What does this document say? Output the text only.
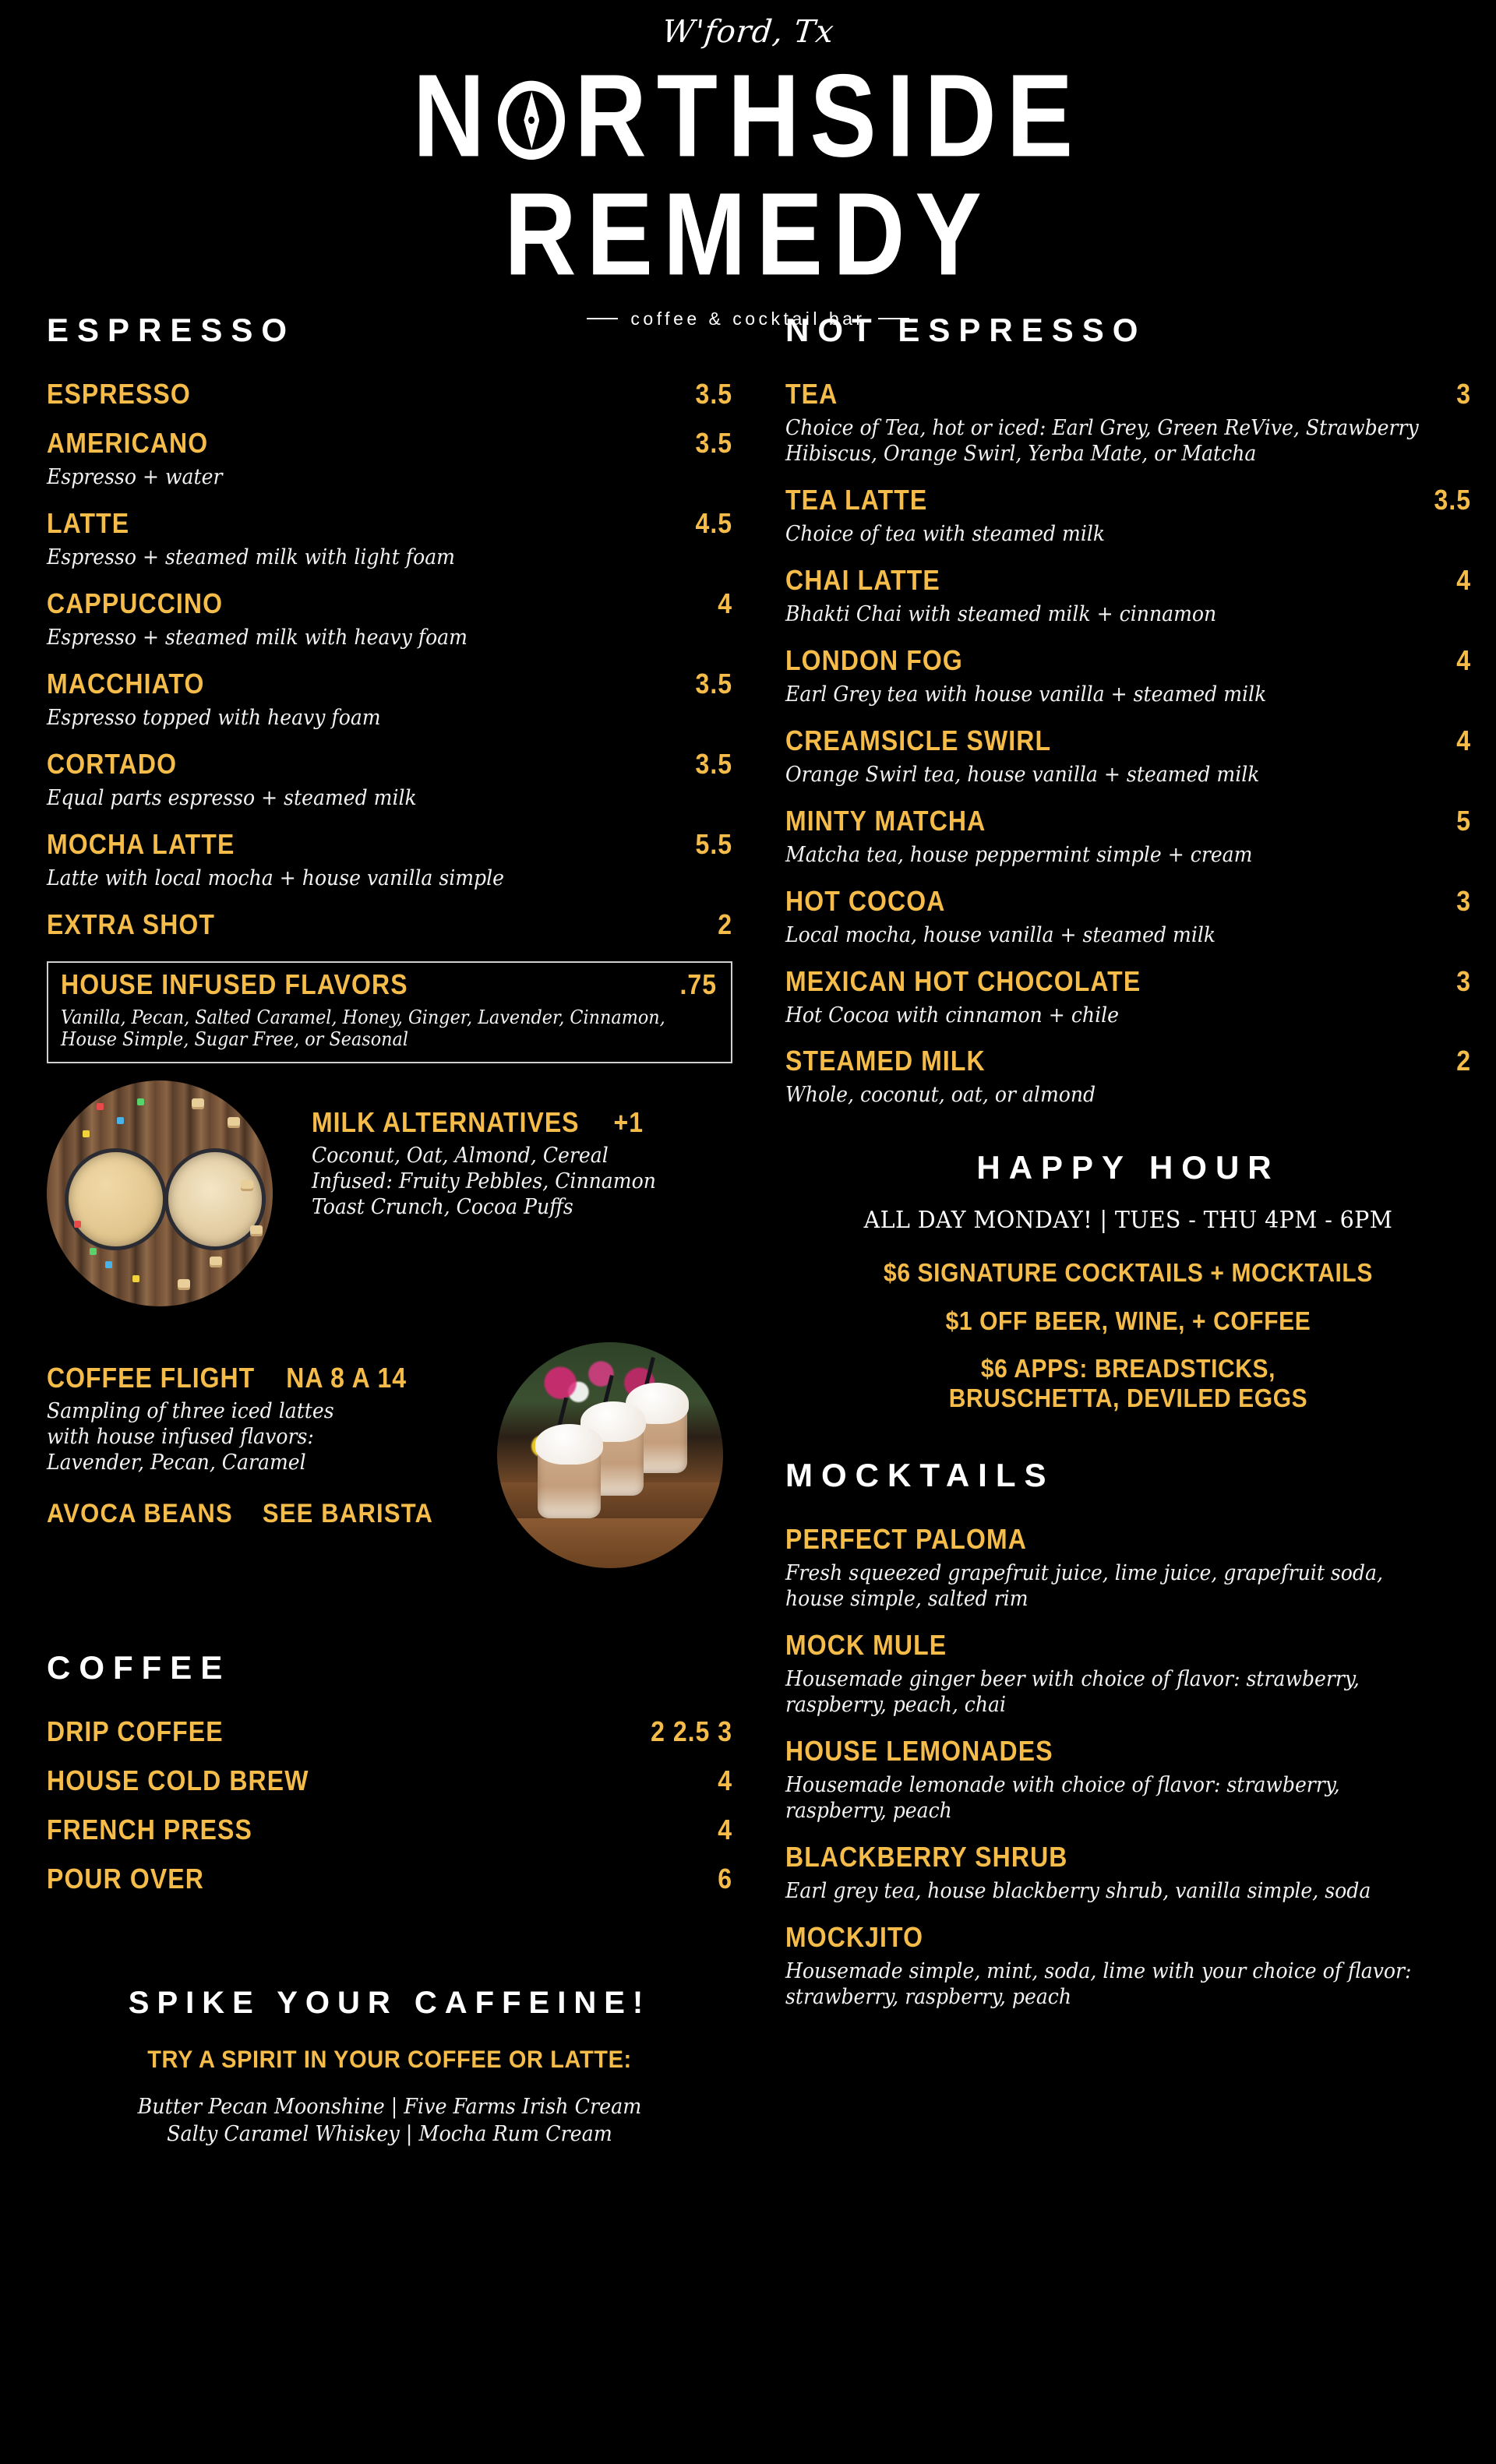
W'ford, Tx
N RTHSIDE
REMEDY
coffee & cocktail bar
ESPRESSO
ESPRESSO	3.5
AMERICANO	3.5
Espresso + water
LATTE	4.5
Espresso + steamed milk with light foam
CAPPUCCINO	4
Espresso + steamed milk with heavy foam
MACCHIATO	3.5
Espresso topped with heavy foam
CORTADO	3.5
Equal parts espresso + steamed milk
MOCHA LATTE	5.5
Latte with local mocha + house vanilla simple
EXTRA SHOT	2
HOUSE INFUSED FLAVORS	.75
Vanilla, Pecan, Salted Caramel, Honey, Ginger, Lavender, Cinnamon, House Simple, Sugar Free, or Seasonal
MILK ALTERNATIVES +1
Coconut, Oat, Almond, Cereal
Infused: Fruity Pebbles, Cinnamon
Toast Crunch, Cocoa Puffs
COFFEE FLIGHT NA 8 A 14
Sampling of three iced lattes
with house infused flavors:
Lavender, Pecan, Caramel
AVOCA BEANS SEE BARISTA
COFFEE
DRIP COFFEE	2 2.5 3
HOUSE COLD BREW	4
FRENCH PRESS	4
POUR OVER	6
SPIKE YOUR CAFFEINE!
TRY A SPIRIT IN YOUR COFFEE OR LATTE:
Butter Pecan Moonshine | Five Farms Irish Cream
Salty Caramel Whiskey | Mocha Rum Cream
NOT ESPRESSO
TEA	3
Choice of Tea, hot or iced: Earl Grey, Green ReVive, Strawberry Hibiscus, Orange Swirl, Yerba Mate, or Matcha
TEA LATTE	3.5
Choice of tea with steamed milk
CHAI LATTE	4
Bhakti Chai with steamed milk + cinnamon
LONDON FOG	4
Earl Grey tea with house vanilla + steamed milk
CREAMSICLE SWIRL	4
Orange Swirl tea, house vanilla + steamed milk
MINTY MATCHA	5
Matcha tea, house peppermint simple + cream
HOT COCOA	3
Local mocha, house vanilla + steamed milk
MEXICAN HOT CHOCOLATE	3
Hot Cocoa with cinnamon + chile
STEAMED MILK	2
Whole, coconut, oat, or almond
HAPPY HOUR
ALL DAY MONDAY! | TUES - THU 4PM - 6PM
$6 SIGNATURE COCKTAILS + MOCKTAILS
$1 OFF BEER, WINE, + COFFEE
$6 APPS: BREADSTICKS,
BRUSCHETTA, DEVILED EGGS
MOCKTAILS
PERFECT PALOMA
Fresh squeezed grapefruit juice, lime juice, grapefruit soda, house simple, salted rim
MOCK MULE
Housemade ginger beer with choice of flavor: strawberry, raspberry, peach, chai
HOUSE LEMONADES
Housemade lemonade with choice of flavor: strawberry, raspberry, peach
BLACKBERRY SHRUB
Earl grey tea, house blackberry shrub, vanilla simple, soda
MOCKJITO
Housemade simple, mint, soda, lime with your choice of flavor: strawberry, raspberry, peach
